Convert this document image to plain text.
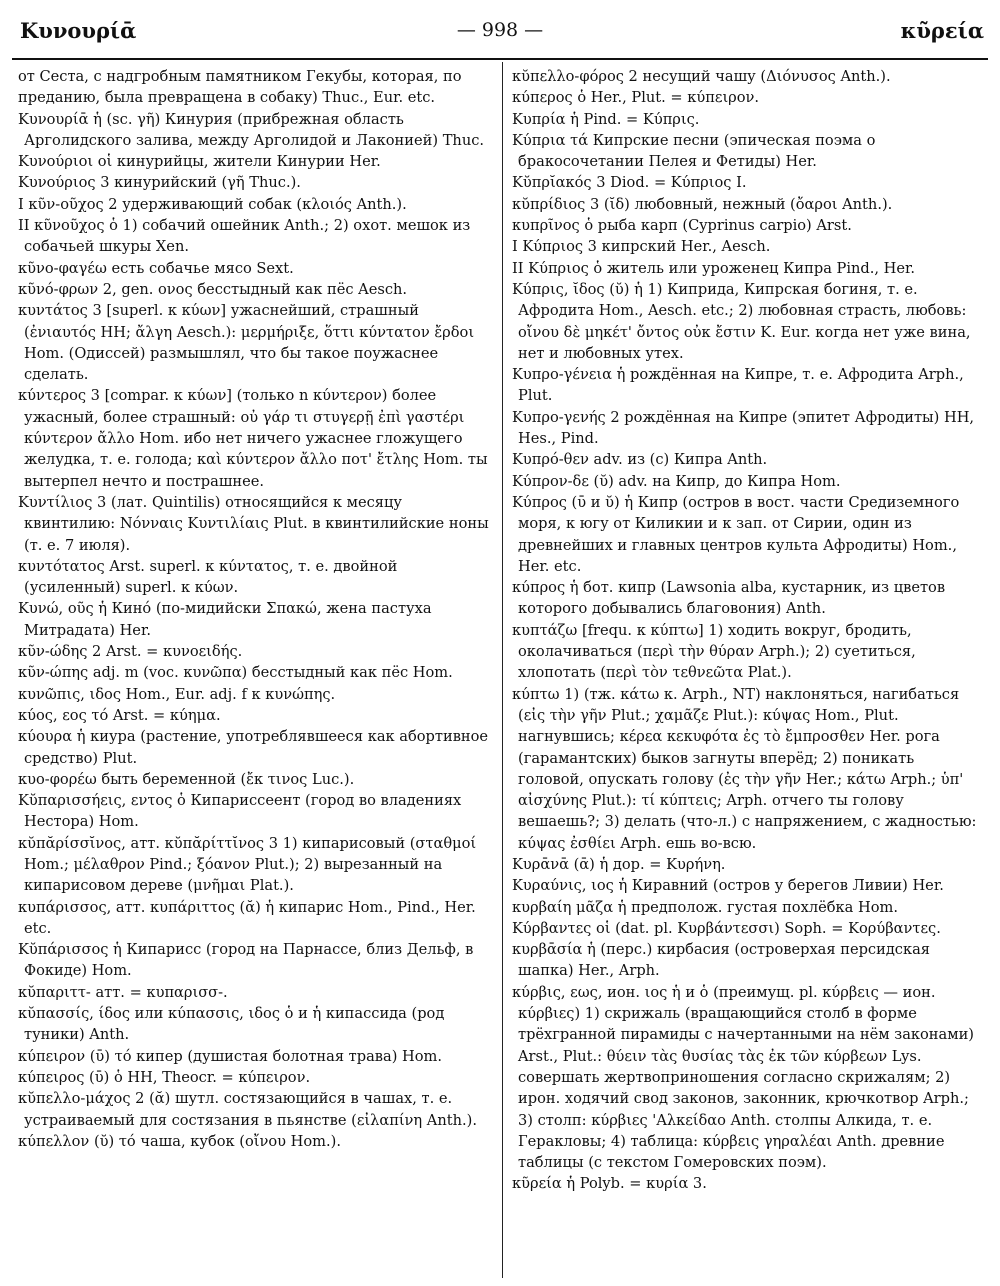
Κυνουρίᾱ	— 998 —	κῦρεία

от Сеста, с надгробным памятником Гекубы, которая, по преданию, была превращена в собаку) Thuc., Eur. etc.

Κυνουρίᾱ ἡ (sc. γῆ) Кинурия (прибрежная область Арголидского залива, между Арголидой и Лаконией) Thuc.

Κυνούριοι οἱ кинурийцы, жители Кинурии Her.

Κυνούριος 3 кинурийский (γῆ Thuc.).

I κῦν-οῦχος 2 удерживающий собак (κλοιός Anth.).

II κῦνοῦχος ὁ 1) собачий ошейник Anth.; 2) охот. мешок из собачьей шкуры Xen.

κῦνο-φαγέω есть собачье мясо Sext.

κῦνό-φρων 2, gen. ονος бесстыдный как пёс Aesch.

κυντάτος 3 [superl. к κύων] ужаснейший, страшный (ἐνιαυτός HH; ἄλγη Aesch.): μερμήριξε, ὅττι κύντατον ἔρδοι Hom. (Одиссей) размышлял, что бы такое поужаснее сделать.

κύντερος 3 [compar. к κύων] (только n κύντερον) более ужасный, более страшный: οὐ γάρ τι στυγερῇ ἐπὶ γαστέρι κύντερον ἄλλο Hom. ибо нет ничего ужаснее гложущего желудка, т. е. голода; καὶ κύντερον ἄλλο ποτ' ἔτλης Hom. ты вытерпел нечто и пострашнее.

Κυντίλιος 3 (лат. Quintilis) относящийся к месяцу квинтилию: Νόνναις Κυντιλίαις Plut. в квинтилийские ноны (т. е. 7 июля).

κυντότατος Arst. superl. к κύντατος, т. е. двойной (усиленный) superl. к κύων.

Κυνώ, οῦς ἡ Кинó (по-мидийски Σπακώ, жена пастуха Митрадата) Her.

κῦν-ώδης 2 Arst. = κυνοειδής.

κῦν-ώπης adj. m (voc. κυνῶπα) бесстыдный как пёс Hom.

κυνῶπις, ιδος Hom., Eur. adj. f к κυνώπης.

κύος, εος τό Arst. = κύημα.

κύουρα ἡ киура (растение, употреблявшееся как абортивное средство) Plut.

κυο-φορέω быть беременной (ἔκ τινος Luc.).

Κῠπαρισσήεις, εντος ὁ Кипариссеент (город во владениях Нестора) Hom.

κῠπᾰρίσσῐνος, атт. κῠπᾰρίττῐνος 3 1) кипарисовый (σταθμοί Hom.; μέλαθρον Pind.; ξόανον Plut.); 2) вырезанный на кипарисовом дереве (μνῆμαι Plat.).

κυπάρισσος, атт. κυπάριττος (ᾰ) ἡ кипарис Hom., Pind., Her. etc.

Κῠπάρισσος ἡ Кипарисс (город на Парнассе, близ Дельф, в Фокиде) Hom.

κῠπαριττ- атт. = κυπαρισσ-.

κῠπασσίς, ίδος или κύπασσις, ιδος ὁ и ἡ кипассида (род туники) Anth.

κύπειρον (ῡ) τό кипер (душистая болотная трава) Hom.

κύπειρος (ῡ) ὁ HH, Theocr. = κύπειρον.

κῠπελλο-μάχος 2 (ᾰ) шутл. состязающийся в чашах, т. е. устраиваемый для состязания в пьянстве (εἰλαπίνη Anth.).

κύπελλον (ῠ) τό чаша, кубок (οἴνου Hom.).

κῠπελλο-φόρος 2 несущий чашу (Διόνυσος Anth.).

κύπερος ὁ Her., Plut. = κύπειρον.

Κυπρία ἡ Pind. = Κύπρις.

Κύπρια τά Кипрские песни (эпическая поэма о бракосочетании Пелея и Фетиды) Her.

Κῠπρῐακός 3 Diod. = Κύπριος I.

κῠπρίδιος 3 (ῐδ) любовный, нежный (ὄαροι Anth.).

κυπρῖνος ὁ рыба карп (Cyprinus carpio) Arst.

I Κύπριος 3 кипрский Her., Aesch.

II Κύπριος ὁ житель или уроженец Кипра Pind., Her.

Κύπρις, ῐδος (ῠ) ἡ 1) Киприда, Кипрская богиня, т. е. Афродита Hom., Aesch. etc.; 2) любовная страсть, любовь: οἴνου δὲ μηκέτ' ὄντος οὐκ ἔστιν Κ. Eur. когда нет уже вина, нет и любовных утех.

Κυπρο-γένεια ἡ рождённая на Кипре, т. е. Афродита Arph., Plut.

Κυπρο-γενής 2 рождённая на Кипре (эпитет Афродиты) HH, Hes., Pind.

Κυπρό-θεν adv. из (с) Кипра Anth.

Κύπρον-δε (ῠ) adv. на Кипр, до Кипра Hom.

Κύπρος (ῡ и ῠ) ἡ Кипр (остров в вост. части Средиземного моря, к югу от Киликии и к зап. от Сирии, один из древнейших и главных центров культа Афродиты) Hom., Her. etc.

κύπρος ἡ бот. кипр (Lawsonia alba, кустарник, из цветов которого добывались благовония) Anth.

κυπτάζω [frequ. к κύπτω] 1) ходить вокруг, бродить, околачиваться (περὶ τὴν θύραν Arph.); 2) суетиться, хлопотать (περὶ τὸν τεθνεῶτα Plat.).

κύπτω 1) (тж. κάτω κ. Arph., NT) наклоняться, нагибаться (εἰς τὴν γῆν Plut.; χαμᾶζε Plut.): κύψας Hom., Plut. нагнувшись; κέρεα κεκυφότα ἐς τὸ ἔμπροσθεν Her. рога (гарамантских) быков загнуты вперёд; 2) поникать головой, опускать голову (ἐς τὴν γῆν Her.; κάτω Arph.; ὑπ' αἰσχύνης Plut.): τί κύπτεις; Arph. отчего ты голову вешаешь?; 3) делать (что-л.) с напряжением, с жадностью: κύψας ἐσθίει Arph. ешь во-всю.

Κυρᾱνᾱ (ᾱ) ἡ дор. = Κυρήνη.

Κυραύνις, ιος ἡ Киравний (остров у берегов Ливии) Her.

κυρβαίη μᾶζα ἡ предполож. густая похлёбка Hom.

Κύρβαντες οἱ (dat. pl. Κυρβάντεσσι) Soph. = Κορύβαντες.

κυρβᾱσία ἡ (перс.) кирбасия (островерхая персидская шапка) Her., Arph.

κύρβις, εως, ион. ιος ἡ и ὁ (преимущ. pl. κύρβεις — ион. κύρβιες) 1) скрижаль (вращающийся столб в форме трёхгранной пирамиды с начертанными на нём законами) Arst., Plut.: θύειν τὰς θυσίας τὰς ἐκ τῶν κύρβεων Lys. совершать жертвоприношения согласно скрижалям; 2) ирон. ходячий свод законов, законник, крючкотвор Arph.; 3) столп: κύρβιες 'Αλκείδαο Anth. столпы Алкида, т. е. Геракловы; 4) таблица: κύρβεις γηραλέαι Anth. древние таблицы (с текстом Гомеровских поэм).

κῦρεία ἡ Polyb. = κυρία 3.
